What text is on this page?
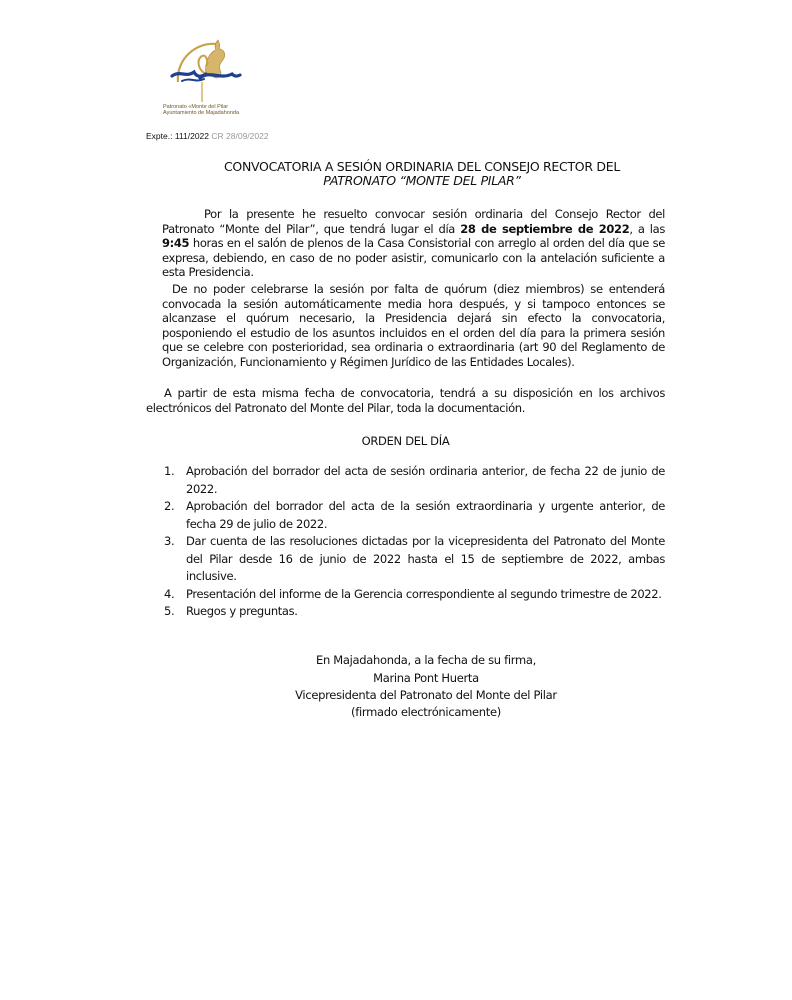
Patronato «Monte del Pilar
Ayuntamiento de Majadahonda
Expte.: 111/2022 CR 28/09/2022
CONVOCATORIA A SESIÓN ORDINARIA DEL CONSEJO RECTOR DEL
PATRONATO “MONTE DEL PILAR”
Por la presente he resuelto convocar sesión ordinaria del Consejo Rector del Patronato “Monte del Pilar”, que tendrá lugar el día 28 de septiembre de 2022, a las 9:45 horas en el salón de plenos de la Casa Consistorial con arreglo al orden del día que se expresa, debiendo, en caso de no poder asistir, comunicarlo con la antelación suficiente a esta Presidencia.
De no poder celebrarse la sesión por falta de quórum (diez miembros) se entenderá convocada la sesión automáticamente media hora después, y si tampoco entonces se alcanzase el quórum necesario, la Presidencia dejará sin efecto la convocatoria, posponiendo el estudio de los asuntos incluidos en el orden del día para la primera sesión que se celebre con posterioridad, sea ordinaria o extraordinaria (art 90 del Reglamento de Organización, Funcionamiento y Régimen Jurídico de las Entidades Locales).
A partir de esta misma fecha de convocatoria, tendrá a su disposición en los archivos electrónicos del Patronato del Monte del Pilar, toda la documentación.
ORDEN DEL DÍA
1. Aprobación del borrador del acta de sesión ordinaria anterior, de fecha 22 de junio de 2022.
2. Aprobación del borrador del acta de la sesión extraordinaria y urgente anterior, de fecha 29 de julio de 2022.
3. Dar cuenta de las resoluciones dictadas por la vicepresidenta del Patronato del Monte del Pilar desde 16 de junio de 2022 hasta el 15 de septiembre de 2022, ambas inclusive.
4. Presentación del informe de la Gerencia correspondiente al segundo trimestre de 2022.
5. Ruegos y preguntas.
En Majadahonda, a la fecha de su firma,
Marina Pont Huerta
Vicepresidenta del Patronato del Monte del Pilar
(firmado electrónicamente)
